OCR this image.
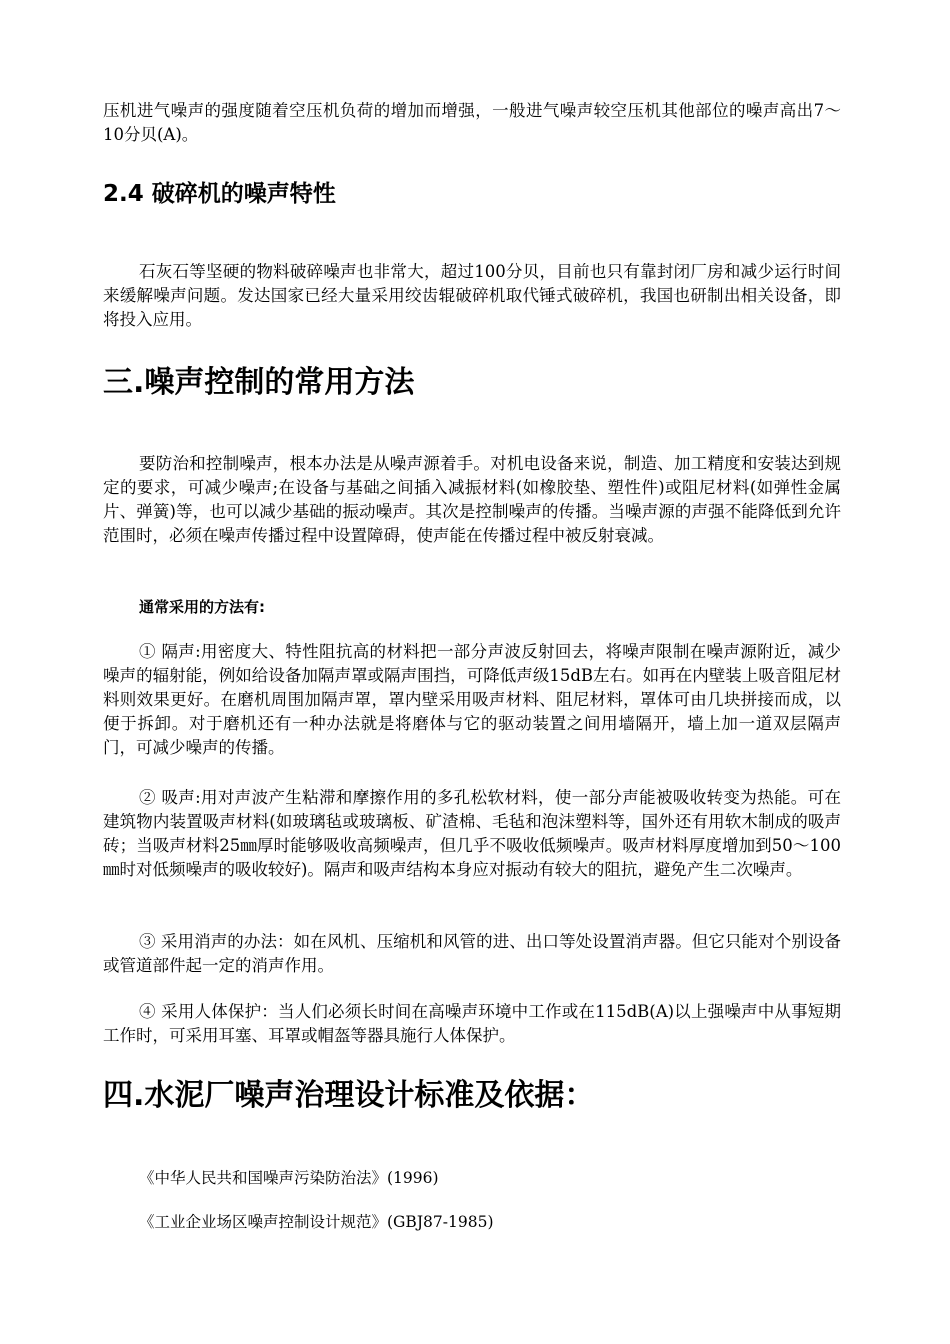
压机进气噪声的强度随着空压机负荷的增加而增强，一般进气噪声较空压机其他部位的噪声高出7～10分贝(A)。

2.4 破碎机的噪声特性

石灰石等坚硬的物料破碎噪声也非常大，超过100分贝，目前也只有靠封闭厂房和减少运行时间来缓解噪声问题。发达国家已经大量采用绞齿辊破碎机取代锤式破碎机，我国也研制出相关设备，即将投入应用。

三.噪声控制的常用方法

要防治和控制噪声，根本办法是从噪声源着手。对机电设备来说，制造、加工精度和安装达到规定的要求，可减少噪声;在设备与基础之间插入减振材料(如橡胶垫、塑性件)或阻尼材料(如弹性金属片、弹簧)等，也可以减少基础的振动噪声。其次是控制噪声的传播。当噪声源的声强不能降低到允许范围时，必须在噪声传播过程中设置障碍，使声能在传播过程中被反射衰减。

通常采用的方法有:

① 隔声:用密度大、特性阻抗高的材料把一部分声波反射回去，将噪声限制在噪声源附近，减少噪声的辐射能，例如给设备加隔声罩或隔声围挡，可降低声级15dB左右。如再在内壁装上吸音阻尼材料则效果更好。在磨机周围加隔声罩，罩内壁采用吸声材料、阻尼材料，罩体可由几块拼接而成，以便于拆卸。对于磨机还有一种办法就是将磨体与它的驱动装置之间用墙隔开，墙上加一道双层隔声门，可减少噪声的传播。

② 吸声:用对声波产生粘滞和摩擦作用的多孔松软材料，使一部分声能被吸收转变为热能。可在建筑物内装置吸声材料(如玻璃毡或玻璃板、矿渣棉、毛毡和泡沫塑料等，国外还有用软木制成的吸声砖；当吸声材料25㎜厚时能够吸收高频噪声，但几乎不吸收低频噪声。吸声材料厚度增加到50～100㎜时对低频噪声的吸收较好)。隔声和吸声结构本身应对振动有较大的阻抗，避免产生二次噪声。

③ 采用消声的办法：如在风机、压缩机和风管的进、出口等处设置消声器。但它只能对个别设备或管道部件起一定的消声作用。

④ 采用人体保护：当人们必须长时间在高噪声环境中工作或在115dB(A)以上强噪声中从事短期工作时，可采用耳塞、耳罩或帽盔等器具施行人体保护。

四.水泥厂噪声治理设计标准及依据：

《中华人民共和国噪声污染防治法》(1996)

《工业企业场区噪声控制设计规范》(GBJ87-1985)
